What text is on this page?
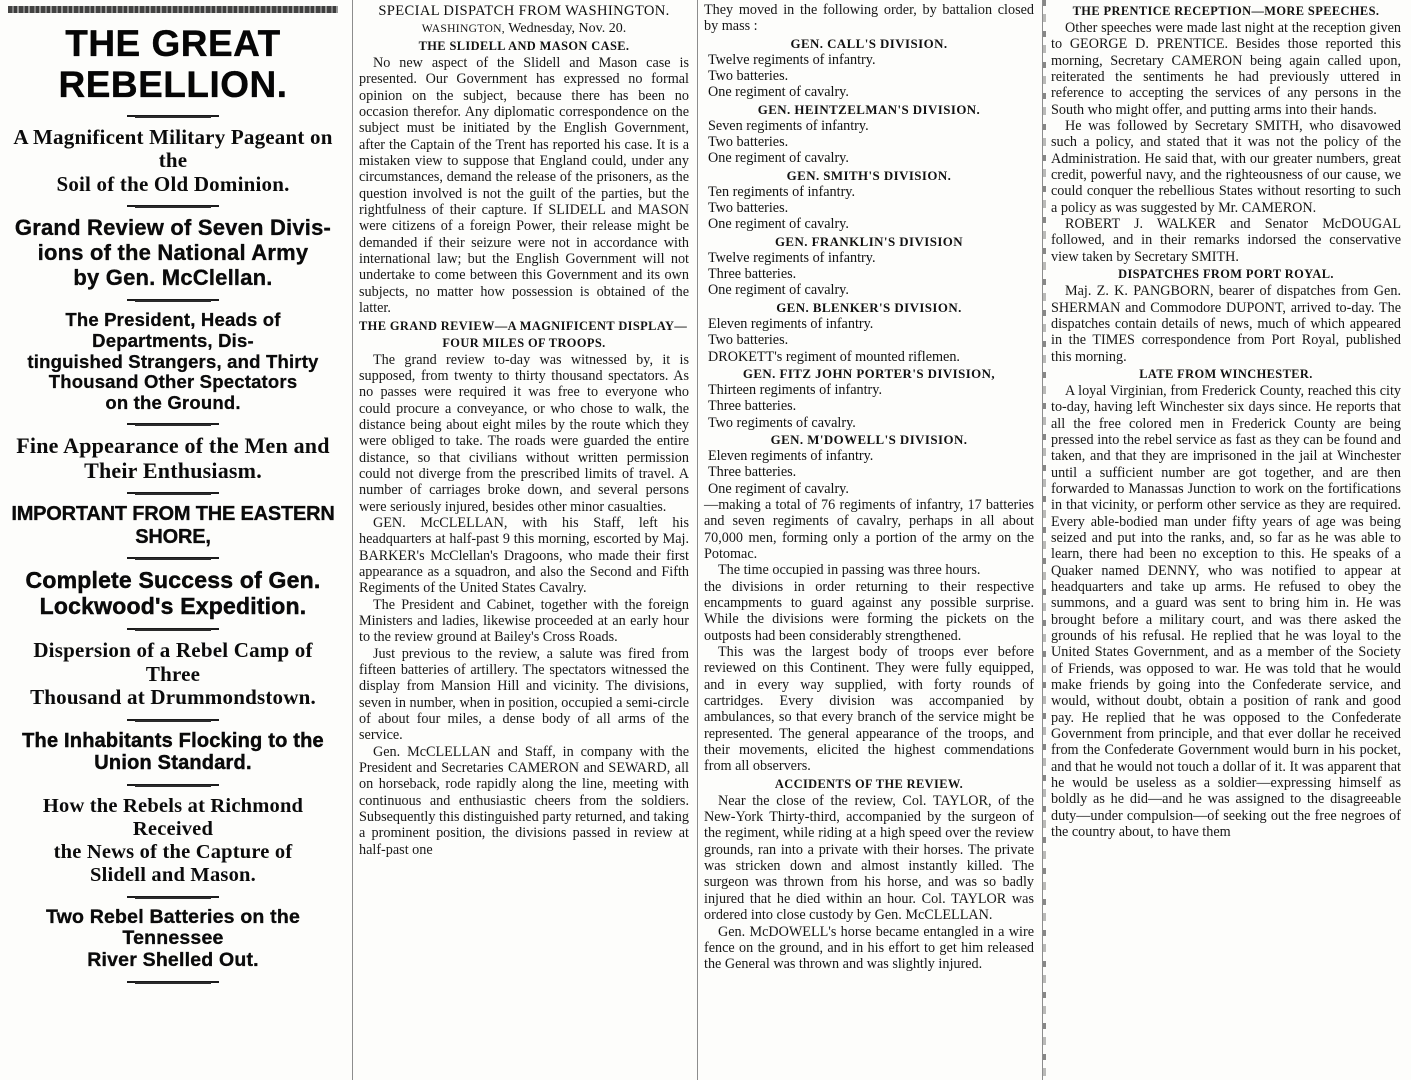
THE GREAT REBELLION.
A Magnificent Military Pageant on the
Soil of the Old Dominion.
Grand Review of Seven Divis-
ions of the National Army
by Gen. McClellan.
The President, Heads of Departments, Dis-
tinguished Strangers, and Thirty
Thousand Other Spectators
on the Ground.
Fine Appearance of the Men and
Their Enthusiasm.
IMPORTANT FROM THE EASTERN SHORE,
Complete Success of Gen.
Lockwood's Expedition.
Dispersion of a Rebel Camp of Three
Thousand at Drummondstown.
The Inhabitants Flocking to the
Union Standard.
How the Rebels at Richmond Received
the News of the Capture of
Slidell and Mason.
Two Rebel Batteries on the Tennessee
River Shelled Out.
SPECIAL DISPATCH FROM WASHINGTON.
WASHINGTON, Wednesday, Nov. 20.
THE SLIDELL AND MASON CASE.

No new aspect of the Slidell and Mason case is presented. Our Government has expressed no formal opinion on the subject, because there has been no occasion therefor. Any diplomatic correspondence on the subject must be initiated by the English Government, after the Captain of the Trent has reported his case. It is a mistaken view to suppose that England could, under any circumstances, demand the release of the prisoners, as the question involved is not the guilt of the parties, but the rightfulness of their capture. If SLIDELL and MASON were citizens of a foreign Power, their release might be demanded if their seizure were not in accordance with international law; but the English Government will not undertake to come between this Government and its own subjects, no matter how possession is obtained of the latter.

THE GRAND REVIEW—A MAGNIFICENT DISPLAY—
FOUR MILES OF TROOPS.

The grand review to-day was witnessed by, it is supposed, from twenty to thirty thousand spectators. As no passes were required it was free to everyone who could procure a conveyance, or who chose to walk, the distance being about eight miles by the route which they were obliged to take. The roads were guarded the entire distance, so that civilians without written permission could not diverge from the prescribed limits of travel. A number of carriages broke down, and several persons were seriously injured, besides other minor casualties.

GEN. McCLELLAN, with his Staff, left his headquarters at half-past 9 this morning, escorted by Maj. BARKER's McClellan's Dragoons, who made their first appearance as a squadron, and also the Second and Fifth Regiments of the United States Cavalry.

The President and Cabinet, together with the foreign Ministers and ladies, likewise proceeded at an early hour to the review ground at Bailey's Cross Roads.

Just previous to the review, a salute was fired from fifteen batteries of artillery. The spectators witnessed the display from Mansion Hill and vicinity. The divisions, seven in number, when in position, occupied a semi-circle of about four miles, a dense body of all arms of the service.

Gen. McCLELLAN and Staff, in company with the President and Secretaries CAMERON and SEWARD, all on horseback, rode rapidly along the line, meeting with continuous and enthusiastic cheers from the soldiers. Subsequently this distinguished party returned, and taking a prominent position, the divisions passed in review at half-past one

They moved in the following order, by battalion closed by mass :

GEN. CALL'S DIVISION.
Twelve regiments of infantry.
Two batteries.
One regiment of cavalry.
GEN. HEINTZELMAN'S DIVISION.
Seven regiments of infantry.
Two batteries.
One regiment of cavalry.
GEN. SMITH'S DIVISION.
Ten regiments of infantry.
Two batteries.
One regiment of cavalry.
GEN. FRANKLIN'S DIVISION
Twelve regiments of infantry.
Three batteries.
One regiment of cavalry.
GEN. BLENKER'S DIVISION.
Eleven regiments of infantry.
Two batteries.
DROKETT's regiment of mounted riflemen.
GEN. FITZ JOHN PORTER'S DIVISION,
Thirteen regiments of infantry.
Three batteries.
Two regiments of cavalry.
GEN. M'DOWELL'S DIVISION.
Eleven regiments of infantry.
Three batteries.
One regiment of cavalry.

—making a total of 76 regiments of infantry, 17 batteries and seven regiments of cavalry, perhaps in all about 70,000 men, forming only a portion of the army on the Potomac.

The time occupied in passing was three hours.

the divisions in order returning to their respective encampments to guard against any possible surprise. While the divisions were forming the pickets on the outposts had been considerably strengthened.

This was the largest body of troops ever before reviewed on this Continent. They were fully equipped, and in every way supplied, with forty rounds of cartridges. Every division was accompanied by ambulances, so that every branch of the service might be represented. The general appearance of the troops, and their movements, elicited the highest commendations from all observers.

ACCIDENTS OF THE REVIEW.

Near the close of the review, Col. TAYLOR, of the New-York Thirty-third, accompanied by the surgeon of the regiment, while riding at a high speed over the review grounds, ran into a private with their horses. The private was stricken down and almost instantly killed. The surgeon was thrown from his horse, and was so badly injured that he died within an hour. Col. TAYLOR was ordered into close custody by Gen. McCLELLAN.

Gen. McDOWELL's horse became entangled in a wire fence on the ground, and in his effort to get him released the General was thrown and was slightly injured.

THE PRENTICE RECEPTION—MORE SPEECHES.

Other speeches were made last night at the reception given to GEORGE D. PRENTICE. Besides those reported this morning, Secretary CAMERON being again called upon, reiterated the sentiments he had previously uttered in reference to accepting the services of any persons in the South who might offer, and putting arms into their hands.

He was followed by Secretary SMITH, who disavowed such a policy, and stated that it was not the policy of the Administration. He said that, with our greater numbers, great credit, powerful navy, and the righteousness of our cause, we could conquer the rebellious States without resorting to such a policy as was suggested by Mr. CAMERON.

ROBERT J. WALKER and Senator McDOUGAL followed, and in their remarks indorsed the conservative view taken by Secretary SMITH.

DISPATCHES FROM PORT ROYAL.

Maj. Z. K. PANGBORN, bearer of dispatches from Gen. SHERMAN and Commodore DUPONT, arrived to-day. The dispatches contain details of news, much of which appeared in the TIMES correspondence from Port Royal, published this morning.

LATE FROM WINCHESTER.

A loyal Virginian, from Frederick County, reached this city to-day, having left Winchester six days since. He reports that all the free colored men in Frederick County are being pressed into the rebel service as fast as they can be found and taken, and that they are imprisoned in the jail at Winchester until a sufficient number are got together, and are then forwarded to Manassas Junction to work on the fortifications in that vicinity, or perform other service as they are required. Every able-bodied man under fifty years of age was being seized and put into the ranks, and, so far as he was able to learn, there had been no exception to this. He speaks of a Quaker named DENNY, who was notified to appear at headquarters and take up arms. He refused to obey the summons, and a guard was sent to bring him in. He was brought before a military court, and was there asked the grounds of his refusal. He replied that he was loyal to the United States Government, and as a member of the Society of Friends, was opposed to war. He was told that he would make friends by going into the Confederate service, and would, without doubt, obtain a position of rank and good pay. He replied that he was opposed to the Confederate Government from principle, and that ever dollar he received from the Confederate Government would burn in his pocket, and that he would not touch a dollar of it. It was apparent that he would be useless as a soldier—expressing himself as boldly as he did—and he was assigned to the disagreeable duty—under compulsion—of seeking out the free negroes of the country about, to have them
